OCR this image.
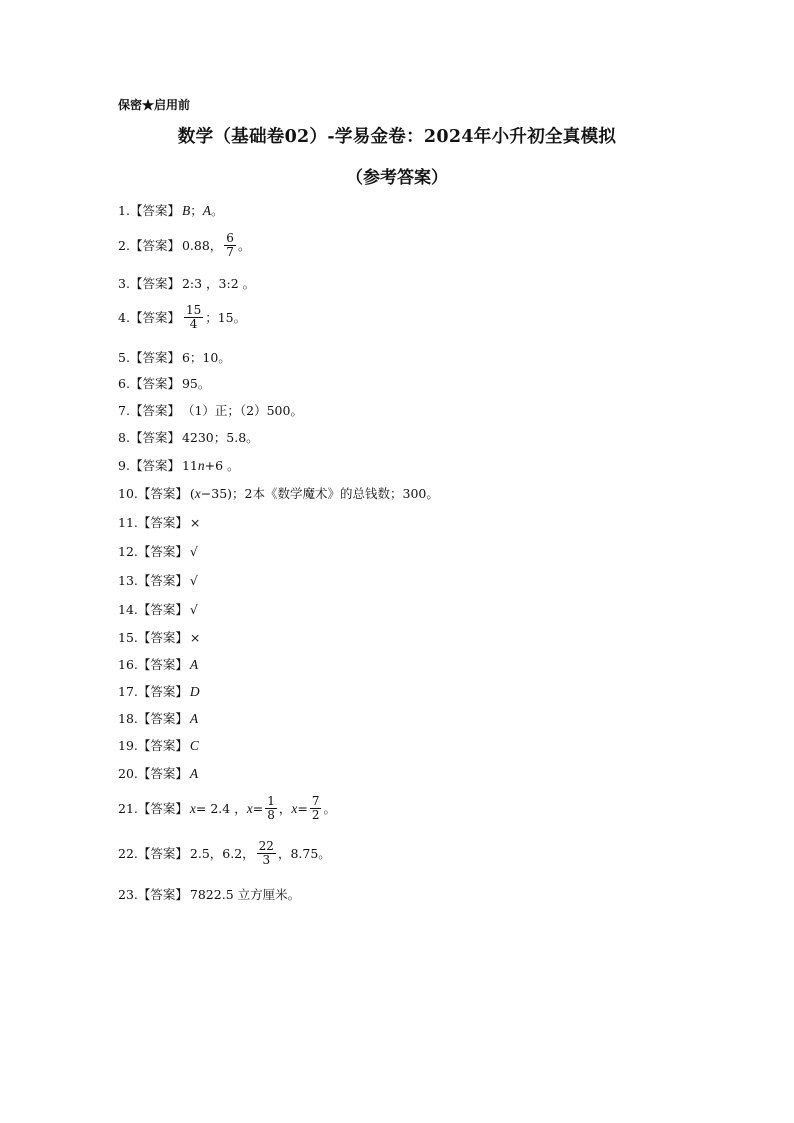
保密★启用前
数学（基础卷02）-学易金卷：2024年小升初全真模拟
（参考答案）
1. 【答案】 B ； A 。
2. 【答案】 0.88， $\frac{6}{7}$ 。
3. 【答案】 2:3 ，3:2 。
4. 【答案】 $\frac{15}{4}$ ；15。
5. 【答案】 6；10。
6. 【答案】 95。
7. 【答案】 （1）正；（2）500。
8. 【答案】 4230；5.8。
9. 【答案】 11 n +6 。
10. 【答案】 ( x −35)；2本《数学魔术》的总钱数；300。
11. 【答案】 ×
12. 【答案】 √
13. 【答案】 √
14. 【答案】 √
15. 【答案】 ×
16. 【答案】 A
17. 【答案】 D
18. 【答案】 A
19. 【答案】 C
20. 【答案】 A
21. 【答案】 x = 2.4 ， $x = \frac{1}{8}$ ， $x = \frac{7}{2}$ 。
22. 【答案】 2.5，6.2， $\frac{22}{3}$ ，8.75。
23. 【答案】 7822.5 立方厘米。
